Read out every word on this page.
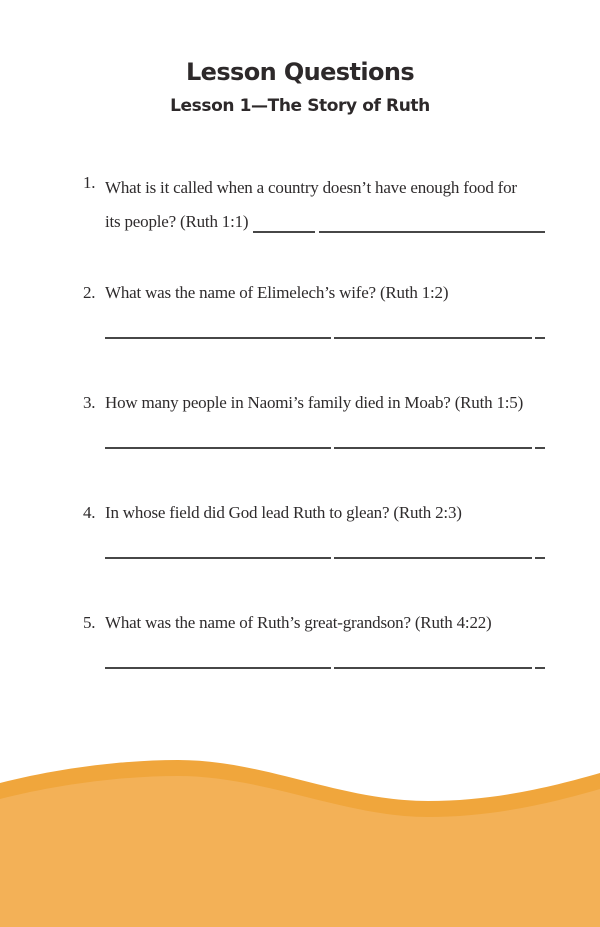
Lesson Questions
Lesson 1—The Story of Ruth
1. What is it called when a country doesn’t have enough food for
its people? (Ruth 1:1)
2. What was the name of Elimelech’s wife? (Ruth 1:2)
3. How many people in Naomi’s family died in Moab? (Ruth 1:5)
4. In whose field did God lead Ruth to glean? (Ruth 2:3)
5. What was the name of Ruth’s great-grandson? (Ruth 4:22)
